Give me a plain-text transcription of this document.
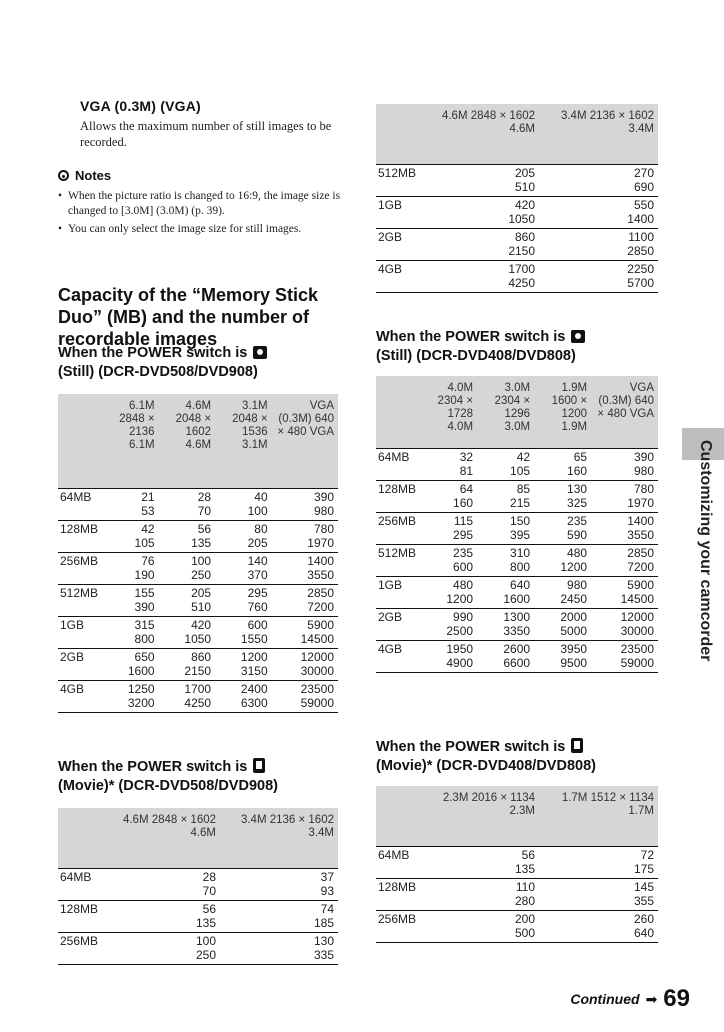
VGA (0.3M) (VGA)
Allows the maximum number of still images to be recorded.
Notes
• When the picture ratio is changed to 16:9, the image size is changed to [3.0M] (3.0M) (p. 39).
• You can only select the image size for still images.
Capacity of the “Memory Stick Duo” (MB) and the number of recordable images
When the POWER switch is
(Still) (DCR-DVD508/DVD908)
	6.1M 2848 × 2136 6.1M	4.6M 2048 × 1602 4.6M	3.1M 2048 × 1536 3.1M	VGA (0.3M) 640 × 480 VGA
64MB	21	28	40	390
	53	70	100	980
128MB	42	56	80	780
	105	135	205	1970
256MB	76	100	140	1400
	190	250	370	3550
512MB	155	205	295	2850
	390	510	760	7200
1GB	315	420	600	5900
	800	1050	1550	14500
2GB	650	860	1200	12000
	1600	2150	3150	30000
4GB	1250	1700	2400	23500
	3200	4250	6300	59000
When the POWER switch is
(Movie)* (DCR-DVD508/DVD908)
	4.6M 2848 × 1602 4.6M	3.4M 2136 × 1602 3.4M
64MB	28	37
	70	93
128MB	56	74
	135	185
256MB	100	130
	250	335
	4.6M 2848 × 1602 4.6M	3.4M 2136 × 1602 3.4M
512MB	205	270
	510	690
1GB	420	550
	1050	1400
2GB	860	1100
	2150	2850
4GB	1700	2250
	4250	5700
When the POWER switch is
(Still) (DCR-DVD408/DVD808)
	4.0M 2304 × 1728 4.0M	3.0M 2304 × 1296 3.0M	1.9M 1600 × 1200 1.9M	VGA (0.3M) 640 × 480 VGA
64MB	32	42	65	390
	81	105	160	980
128MB	64	85	130	780
	160	215	325	1970
256MB	115	150	235	1400
	295	395	590	3550
512MB	235	310	480	2850
	600	800	1200	7200
1GB	480	640	980	5900
	1200	1600	2450	14500
2GB	990	1300	2000	12000
	2500	3350	5000	30000
4GB	1950	2600	3950	23500
	4900	6600	9500	59000
When the POWER switch is
(Movie)* (DCR-DVD408/DVD808)
	2.3M 2016 × 1134 2.3M	1.7M 1512 × 1134 1.7M
64MB	56	72
	135	175
128MB	110	145
	280	355
256MB	200	260
	500	640
Customizing your camcorder
Continued ➡ 69
